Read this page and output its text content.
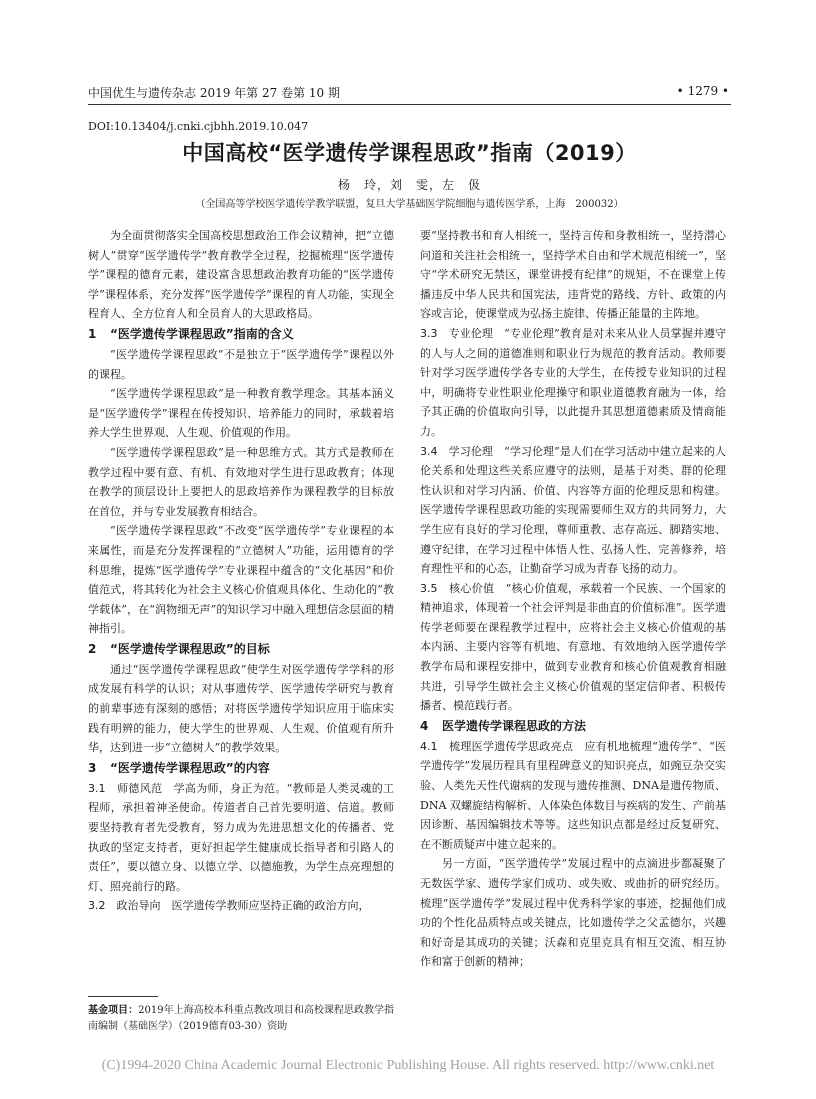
中国优生与遗传杂志 2019 年第 27 卷第 10 期	• 1279 •
DOI:10.13404/j.cnki.cjbhh.2019.10.047
中国高校“医学遗传学课程思政”指南（2019）
杨　玲，刘　雯，左　伋
（全国高等学校医学遗传学教学联盟，复旦大学基础医学院细胞与遗传医学系，上海　200032）

为全面贯彻落实全国高校思想政治工作会议精神，把“立德树人”贯穿“医学遗传学”教育教学全过程，挖掘梳理“医学遗传学”课程的德育元素，建设富含思想政治教育功能的“医学遗传学”课程体系，充分发挥“医学遗传学”课程的育人功能，实现全程育人、全方位育人和全员育人的大思政格局。

1 “医学遗传学课程思政”指南的含义

“医学遗传学课程思政”不是独立于“医学遗传学”课程以外的课程。

“医学遗传学课程思政”是一种教育教学理念。其基本涵义是“医学遗传学”课程在传授知识、培养能力的同时，承载着培养大学生世界观、人生观、价值观的作用。

“医学遗传学课程思政”是一种思维方式。其方式是教师在教学过程中要有意、有机、有效地对学生进行思政教育；体现在教学的顶层设计上要把人的思政培养作为课程教学的目标放在首位，并与专业发展教育相结合。

“医学遗传学课程思政”不改变“医学遗传学”专业课程的本来属性，而是充分发挥课程的“立德树人”功能，运用德育的学科思维，提炼“医学遗传学”专业课程中蕴含的“文化基因”和价值范式，将其转化为社会主义核心价值观具体化、生动化的“教学载体”，在“润物细无声”的知识学习中融入理想信念层面的精神指引。

2 “医学遗传学课程思政”的目标

通过“医学遗传学课程思政”使学生对医学遗传学学科的形成发展有科学的认识；对从事遗传学、医学遗传学研究与教育的前辈事迹有深刻的感悟；对将医学遗传学知识应用于临床实践有明辨的能力，使大学生的世界观、人生观、价值观有所升华，达到进一步“立德树人”的教学效果。

3 “医学遗传学课程思政”的内容

3.1　师德风范　学高为师，身正为范。“教师是人类灵魂的工程师，承担着神圣使命。传道者自己首先要明道、信道。教师要坚持教育者先受教育，努力成为先进思想文化的传播者、党执政的坚定支持者，更好担起学生健康成长指导者和引路人的责任”，要以德立身、以德立学、以德施教，为学生点亮理想的灯、照亮前行的路。

3.2　政治导向　医学遗传学教师应坚持正确的政治方向，

要“坚持教书和育人相统一，坚持言传和身教相统一，坚持潜心问道和关注社会相统一，坚持学术自由和学术规范相统一”，坚守“学术研究无禁区，课堂讲授有纪律”的规矩，不在课堂上传播违反中华人民共和国宪法，违背党的路线、方针、政策的内容或言论，使课堂成为弘扬主旋律、传播正能量的主阵地。

3.3　专业伦理　“专业伦理”教育是对未来从业人员掌握并遵守的人与人之间的道德准则和职业行为规范的教育活动。教师要针对学习医学遗传学各专业的大学生，在传授专业知识的过程中，明确将专业性职业伦理操守和职业道德教育融为一体，给予其正确的价值取向引导，以此提升其思想道德素质及情商能力。

3.4　学习伦理　“学习伦理”是人们在学习活动中建立起来的人伦关系和处理这些关系应遵守的法则，是基于对类、群的伦理性认识和对学习内涵、价值、内容等方面的伦理反思和构建。医学遗传学课程思政功能的实现需要师生双方的共同努力，大学生应有良好的学习伦理，尊师重教、志存高远、脚踏实地、遵守纪律，在学习过程中体悟人性、弘扬人性、完善修养，培育理性平和的心态，让勤奋学习成为青春飞扬的动力。

3.5　核心价值　“核心价值观，承载着一个民族、一个国家的精神追求，体现着一个社会评判是非曲直的价值标准”。医学遗传学老师要在课程教学过程中，应将社会主义核心价值观的基本内涵、主要内容等有机地、有意地、有效地纳入医学遗传学教学布局和课程安排中，做到专业教育和核心价值观教育相融共进，引导学生做社会主义核心价值观的坚定信仰者、积极传播者、模范践行者。

4 医学遗传学课程思政的方法

4.1　梳理医学遗传学思政亮点　应有机地梳理“遗传学”、“医学遗传学”发展历程具有里程碑意义的知识亮点，如豌豆杂交实验、人类先天性代谢病的发现与遗传推测、DNA是遗传物质、DNA 双螺旋结构解析、人体染色体数目与疾病的发生、产前基因诊断、基因编辑技术等等。这些知识点都是经过反复研究、在不断质疑声中建立起来的。

另一方面，“医学遗传学”发展过程中的点滴进步都凝聚了无数医学家、遗传学家们成功、或失败、或曲折的研究经历。梳理“医学遗传学”发展过程中优秀科学家的事迹，挖掘他们成功的个性化品质特点或关键点，比如遗传学之父孟德尔，兴趣和好奇是其成功的关键；沃森和克里克具有相互交流、相互协作和富于创新的精神；

基金项目：2019年上海高校本科重点教改项目和高校课程思政教学指南编制（基础医学）（2019德育03-30）资助
(C)1994-2020 China Academic Journal Electronic Publishing House. All rights reserved. http://www.cnki.net
